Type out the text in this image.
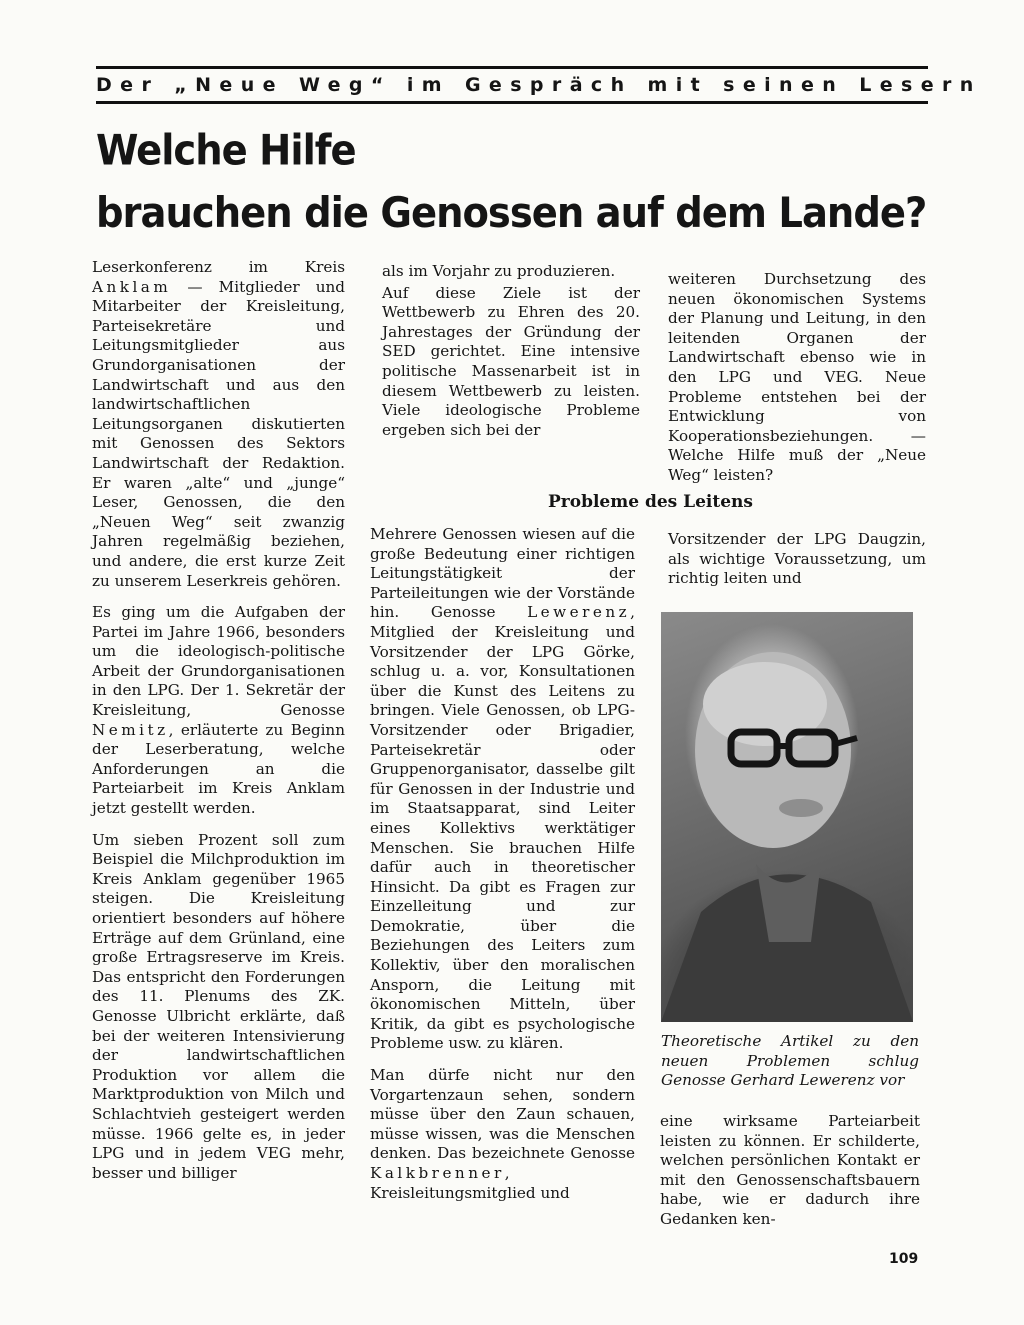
Der „Neue Weg“ im Gespräch mit seinen Lesern
Welche Hilfe
brauchen die Genossen auf dem Lande?

Leserkonferenz im Kreis Anklam — Mitglieder und Mitarbeiter der Kreisleitung, Parteisekretäre und Leitungsmitglieder aus Grundorganisationen der Landwirtschaft und aus den landwirtschaftlichen Leitungsorganen diskutierten mit Genossen des Sektors Landwirtschaft der Redaktion. Er waren „alte“ und „junge“ Leser, Genossen, die den „Neuen Weg“ seit zwanzig Jahren regelmäßig beziehen, und andere, die erst kurze Zeit zu unserem Leserkreis gehören.

Es ging um die Aufgaben der Partei im Jahre 1966, besonders um die ideologisch-politische Arbeit der Grundorganisationen in den LPG. Der 1. Sekretär der Kreisleitung, Genosse Nemitz, erläuterte zu Beginn der Leserberatung, welche Anforderungen an die Parteiarbeit im Kreis Anklam jetzt gestellt werden.

Um sieben Prozent soll zum Beispiel die Milchproduktion im Kreis Anklam gegenüber 1965 steigen. Die Kreisleitung orientiert besonders auf höhere Erträge auf dem Grünland, eine große Ertragsreserve im Kreis. Das entspricht den Forderungen des 11. Plenums des ZK. Genosse Ulbricht erklärte, daß bei der weiteren Intensivierung der landwirtschaftlichen Produktion vor allem die Marktproduktion von Milch und Schlachtvieh gesteigert werden müsse. 1966 gelte es, in jeder LPG und in jedem VEG mehr, besser und billiger

als im Vorjahr zu produzieren.

Auf diese Ziele ist der Wettbewerb zu Ehren des 20. Jahrestages der Gründung der SED gerichtet. Eine intensive politische Massenarbeit ist in diesem Wettbewerb zu leisten. Viele ideologische Probleme ergeben sich bei der

weiteren Durchsetzung des neuen ökonomischen Systems der Planung und Leitung, in den leitenden Organen der Landwirtschaft ebenso wie in den LPG und VEG. Neue Probleme entstehen bei der Entwicklung von Kooperationsbeziehungen. — Welche Hilfe muß der „Neue Weg“ leisten?

Probleme des Leitens

Mehrere Genossen wiesen auf die große Bedeutung einer richtigen Leitungstätigkeit der Parteileitungen wie der Vorstände hin. Genosse Lewerenz, Mitglied der Kreisleitung und Vorsitzender der LPG Görke, schlug u. a. vor, Konsultationen über die Kunst des Leitens zu bringen. Viele Genossen, ob LPG-Vorsitzender oder Brigadier, Parteisekretär oder Gruppenorganisator, dasselbe gilt für Genossen in der Industrie und im Staatsapparat, sind Leiter eines Kollektivs werktätiger Menschen. Sie brauchen Hilfe dafür auch in theoretischer Hinsicht. Da gibt es Fragen zur Einzelleitung und zur Demokratie, über die Beziehungen des Leiters zum Kollektiv, über den moralischen Ansporn, die Leitung mit ökonomischen Mitteln, über Kritik, da gibt es psychologische Probleme usw. zu klären.

Man dürfe nicht nur den Vorgartenzaun sehen, sondern müsse über den Zaun schauen, müsse wissen, was die Menschen denken. Das bezeichnete Genosse Kalkbrenner, Kreisleitungsmitglied und

Vorsitzender der LPG Daugzin, als wichtige Voraussetzung, um richtig leiten und

Theoretische Artikel zu den neuen Problemen schlug Genosse Gerhard Lewerenz vor

eine wirksame Parteiarbeit leisten zu können. Er schilderte, welchen persönlichen Kontakt er mit den Genossenschaftsbauern habe, wie er dadurch ihre Gedanken ken-

109
